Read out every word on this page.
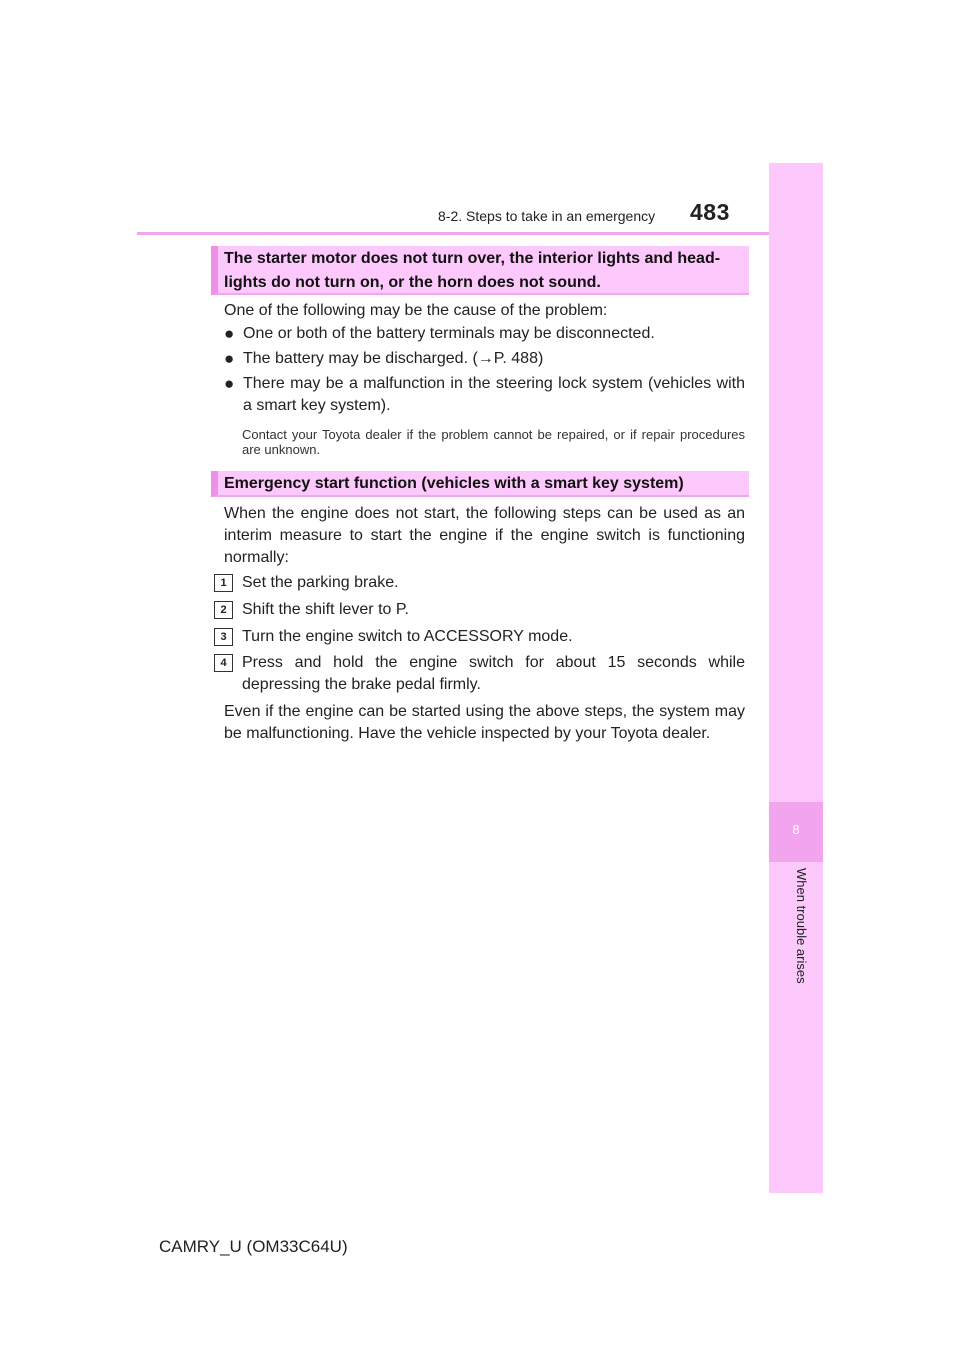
8-2. Steps to take in an emergency	483
8
When trouble arises
The starter motor does not turn over, the interior lights and head-
lights do not turn on, or the horn does not sound.
One of the following may be the cause of the problem:
● One or both of the battery terminals may be disconnected.
● The battery may be discharged. (→P. 488)
● There may be a malfunction in the steering lock system (vehicles with a smart key system).
Contact your Toyota dealer if the problem cannot be repaired, or if repair procedures are unknown.
Emergency start function (vehicles with a smart key system)
When the engine does not start, the following steps can be used as an interim measure to start the engine if the engine switch is functioning normally:
1 Set the parking brake.
2 Shift the shift lever to P.
3 Turn the engine switch to ACCESSORY mode.
4 Press and hold the engine switch for about 15 seconds while depressing the brake pedal firmly.
Even if the engine can be started using the above steps, the system may be malfunctioning. Have the vehicle inspected by your Toyota dealer.
CAMRY_U (OM33C64U)
